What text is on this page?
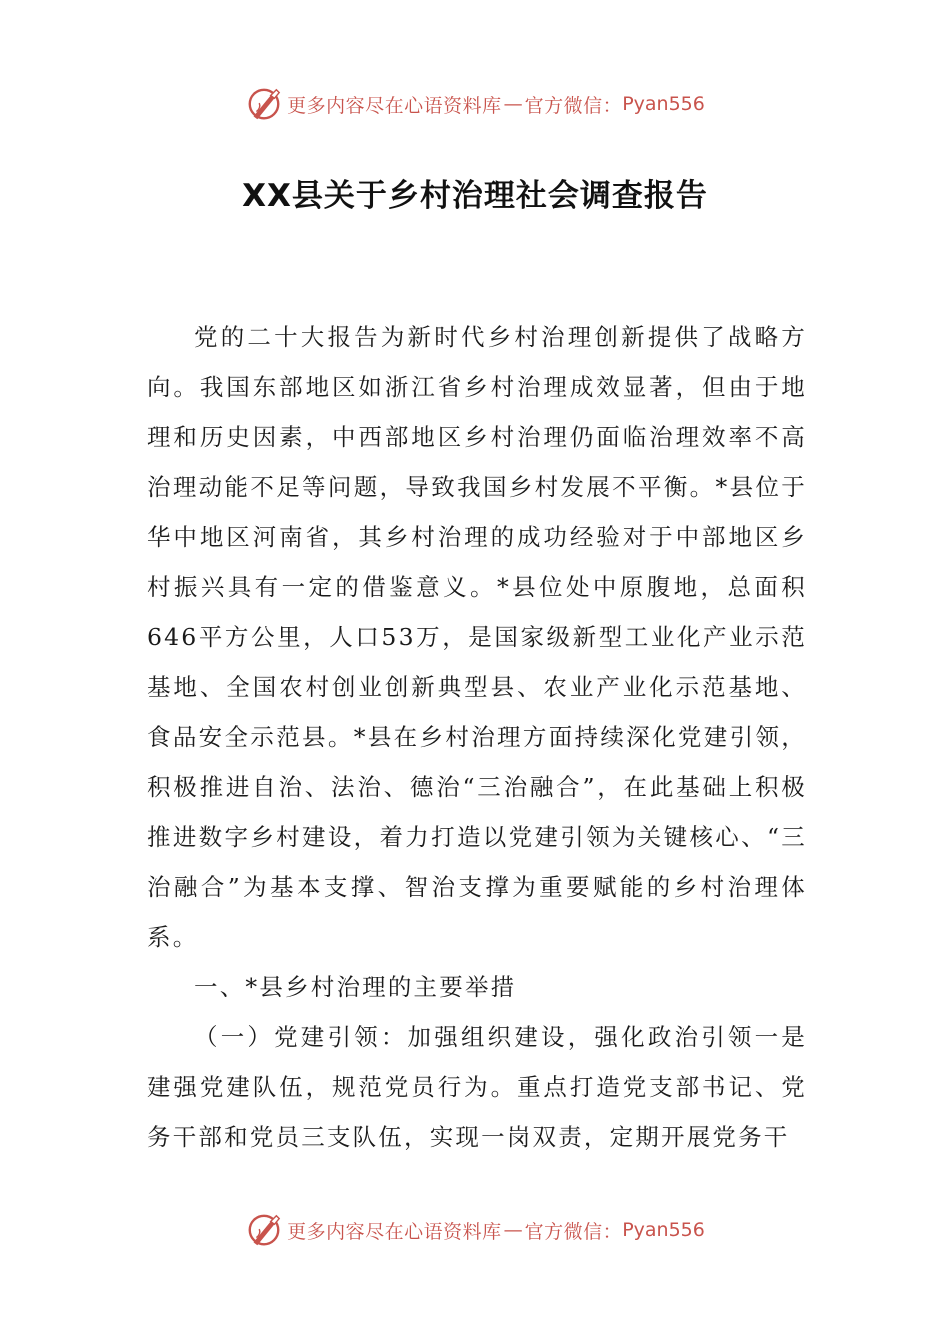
更多内容尽在心语资料库 — 官方微信： Pyan556
XX县关于乡村治理社会调查报告

党的二十大报告为新时代乡村治理创新提供了战略方向。我国东部地区如浙江省乡村治理成效显著，但由于地理和历史因素，中西部地区乡村治理仍面临治理效率不高治理动能不足等问题，导致我国乡村发展不平衡。*县位于华中地区河南省，其乡村治理的成功经验对于中部地区乡村振兴具有一定的借鉴意义。*县位处中原腹地，总面积646平方公里，人口53万，是国家级新型工业化产业示范基地、全国农村创业创新典型县、农业产业化示范基地、食品安全示范县。*县在乡村治理方面持续深化党建引领，积极推进自治、法治、德治“三治融合”，在此基础上积极推进数字乡村建设，着力打造以党建引领为关键核心、“三治融合”为基本支撑、智治支撑为重要赋能的乡村治理体系。

一、*县乡村治理的主要举措

（一）党建引领：加强组织建设，强化政治引领一是建强党建队伍，规范党员行为。重点打造党支部书记、党务干部和党员三支队伍，实现一岗双责，定期开展党务干

更多内容尽在心语资料库 — 官方微信： Pyan556
